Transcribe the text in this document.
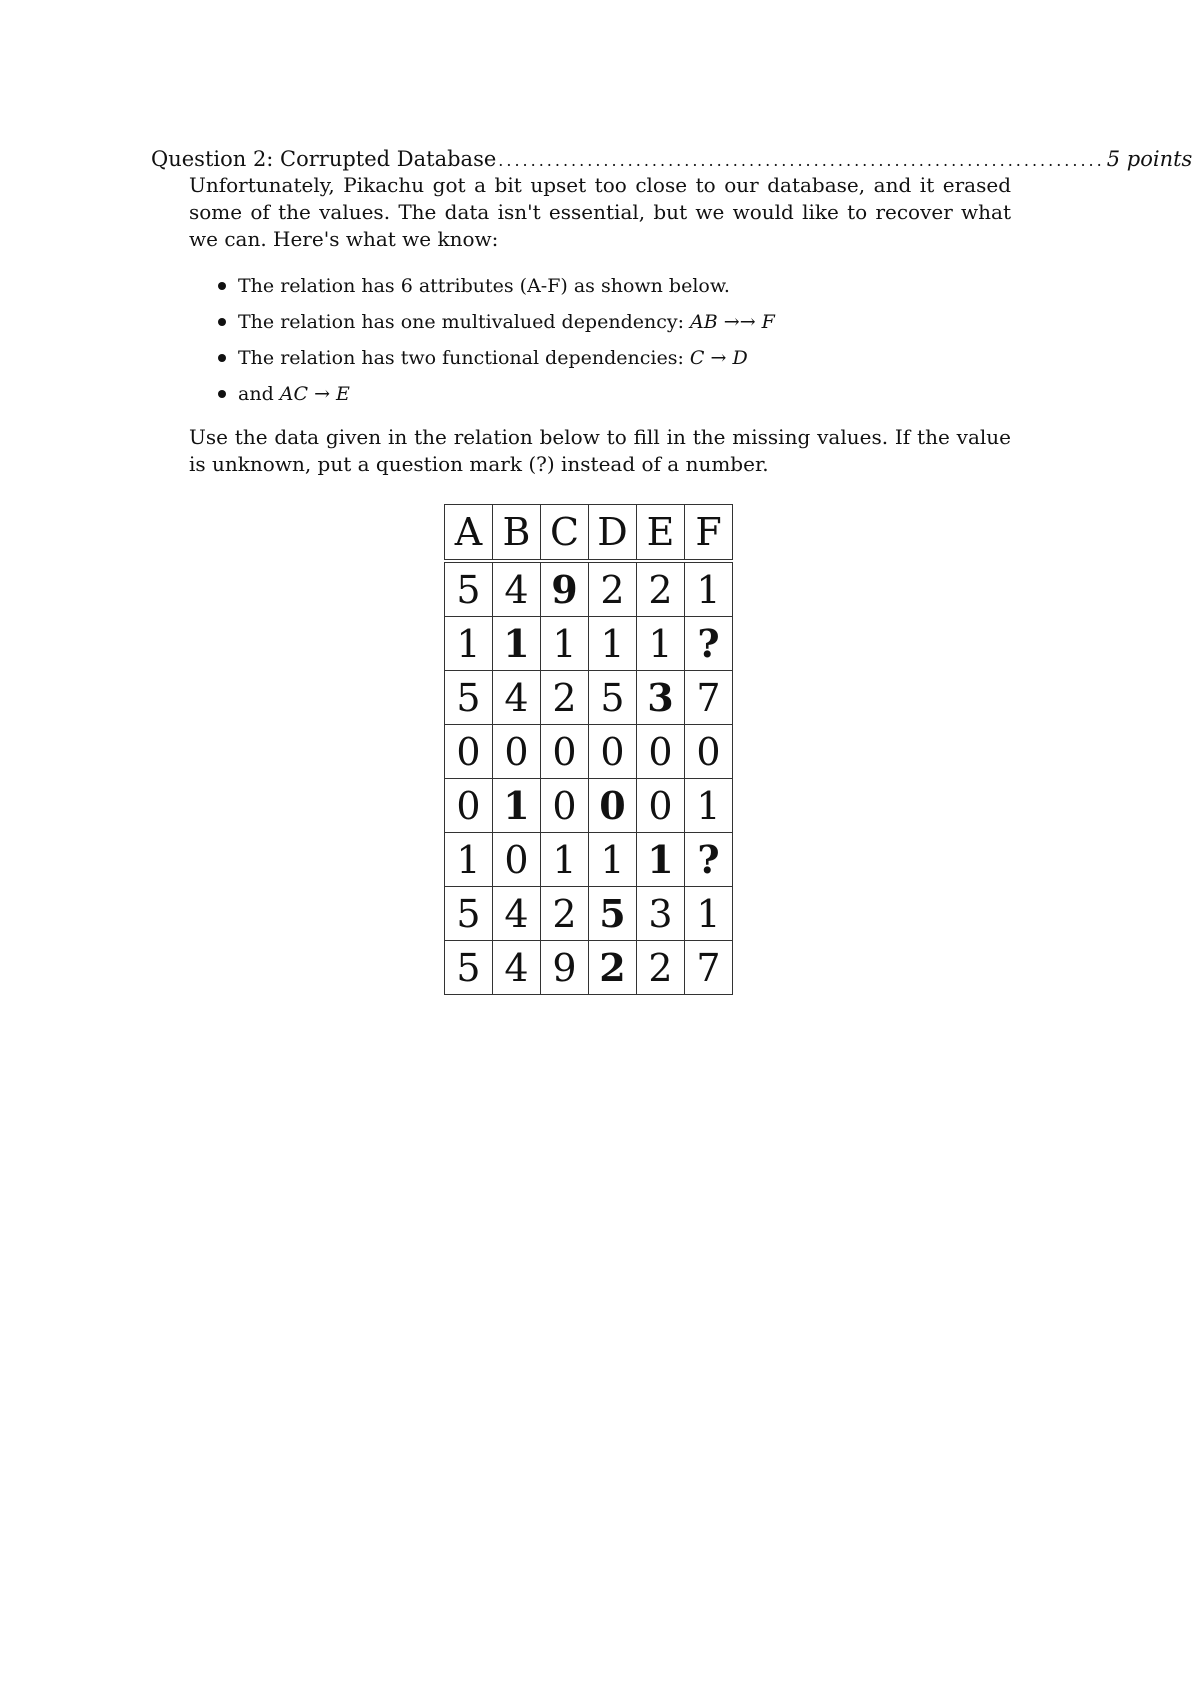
Question 2: Corrupted Database ........................................................................... 5 points

Unfortunately, Pikachu got a bit upset too close to our database, and it erased some of the values. The data isn't essential, but we would like to recover what we can. Here's what we know:

The relation has 6 attributes (A-F) as shown below.
The relation has one multivalued dependency: AB →→ F
The relation has two functional dependencies: C → D
and AC → E

Use the data given in the relation below to fill in the missing values. If the value is unknown, put a question mark (?) instead of a number.

A	B	C	D	E	F
5	4	9	2	2	1
1	1	1	1	1	?
5	4	2	5	3	7
0	0	0	0	0	0
0	1	0	0	0	1
1	0	1	1	1	?
5	4	2	5	3	1
5	4	9	2	2	7
